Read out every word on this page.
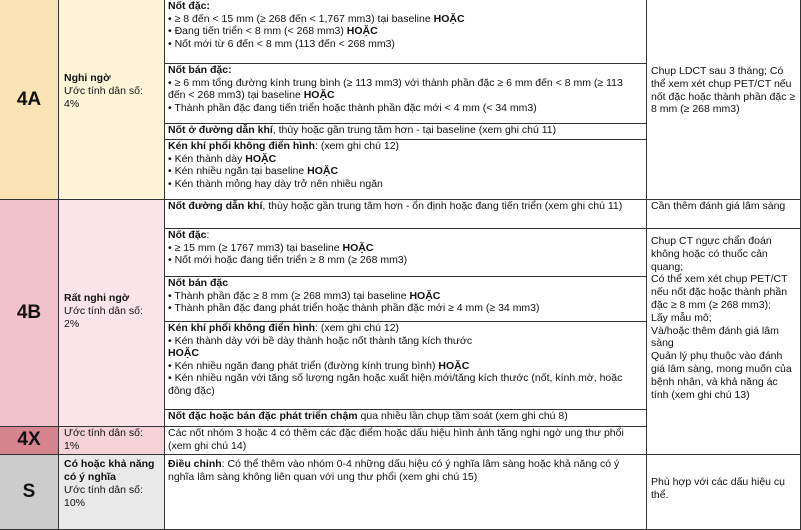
4A
4B
4X
S
Nghi ngờ
Ước tính dân số: 4%
Rất nghi ngờ
Ước tính dân số: 2%
Ước tính dân số: 1%
Có hoặc khả năng có ý nghĩa
Ước tính dân số: 10%
Nốt đặc:
• ≥ 8 đến < 15 mm (≥ 268 đến < 1,767 mm3) tại baseline HOẶC
• Đang tiến triển < 8 mm (< 268 mm3) HOẶC
• Nốt mới từ 6 đến < 8 mm (113 đến < 268 mm3)
Nốt bán đặc:
• ≥ 6 mm tổng đường kính trung bình (≥ 113 mm3) với thành phần đặc ≥ 6 mm đến < 8 mm (≥ 113 đến < 268 mm3) tại baseline HOẶC
• Thành phần đặc đang tiến triển hoặc thành phần đặc mới < 4 mm (< 34 mm3)
Nốt ở đường dẫn khí, thùy hoặc gần trung tâm hơn - tại baseline (xem ghi chú 11)
Kén khí phổi không điển hình: (xem ghi chú 12)
• Kén thành dày HOẶC
• Kén nhiều ngăn tại baseline HOẶC
• Kén thành mỏng hay dày trở nên nhiều ngăn
Nốt đường dẫn khí, thùy hoặc gần trung tâm hơn - ổn định hoặc đang tiến triển (xem ghi chú 11)
Nốt đặc:
• ≥ 15 mm (≥ 1767 mm3) tại baseline HOẶC
• Nốt mới hoặc đang tiến triển ≥ 8 mm (≥ 268 mm3)
Nốt bán đặc
• Thành phần đặc ≥ 8 mm (≥ 268 mm3) tại baseline HOẶC
• Thành phần đặc đang phát triển hoặc thành phần đặc mới ≥ 4 mm (≥ 34 mm3)
Kén khí phổi không điển hình: (xem ghi chú 12)
• Kén thành dày với bề dày thành hoặc nốt thành tăng kích thước
HOẶC
• Kén nhiều ngăn đang phát triển (đường kính trung bình) HOẶC
• Kén nhiều ngăn với tăng số lượng ngăn hoặc xuất hiện mới/tăng kích thước (nốt, kính mờ, hoặc đông đặc)
Nốt đặc hoặc bán đặc phát triển chậm qua nhiều lần chụp tầm soát (xem ghi chú 8)
Các nốt nhóm 3 hoặc 4 có thêm các đặc điểm hoặc dấu hiệu hình ảnh tăng nghi ngờ ung thư phổi (xem ghi chú 14)
Điều chỉnh: Có thể thêm vào nhóm 0-4 những dấu hiệu có ý nghĩa lâm sàng hoặc khả năng có ý nghĩa lâm sàng không liên quan với ung thư phổi (xem ghi chú 15)
Chụp LDCT sau 3 tháng; Có thể xem xét chụp PET/CT nếu nốt đặc hoặc thành phần đặc ≥ 8 mm (≥ 268 mm3)
Cần thêm đánh giá lâm sàng
Chụp CT ngực chẩn đoán không hoặc có thuốc cản quang;
Có thể xem xét chụp PET/CT nếu nốt đặc hoặc thành phần đặc ≥ 8 mm (≥ 268 mm3);
Lấy mẫu mô;
Và/hoặc thêm đánh giá lâm sàng
Quản lý phụ thuộc vào đánh giá lâm sàng, mong muốn của bệnh nhân, và khả năng ác tính (xem ghi chú 13)
Phù hợp với các dấu hiệu cụ thể.
